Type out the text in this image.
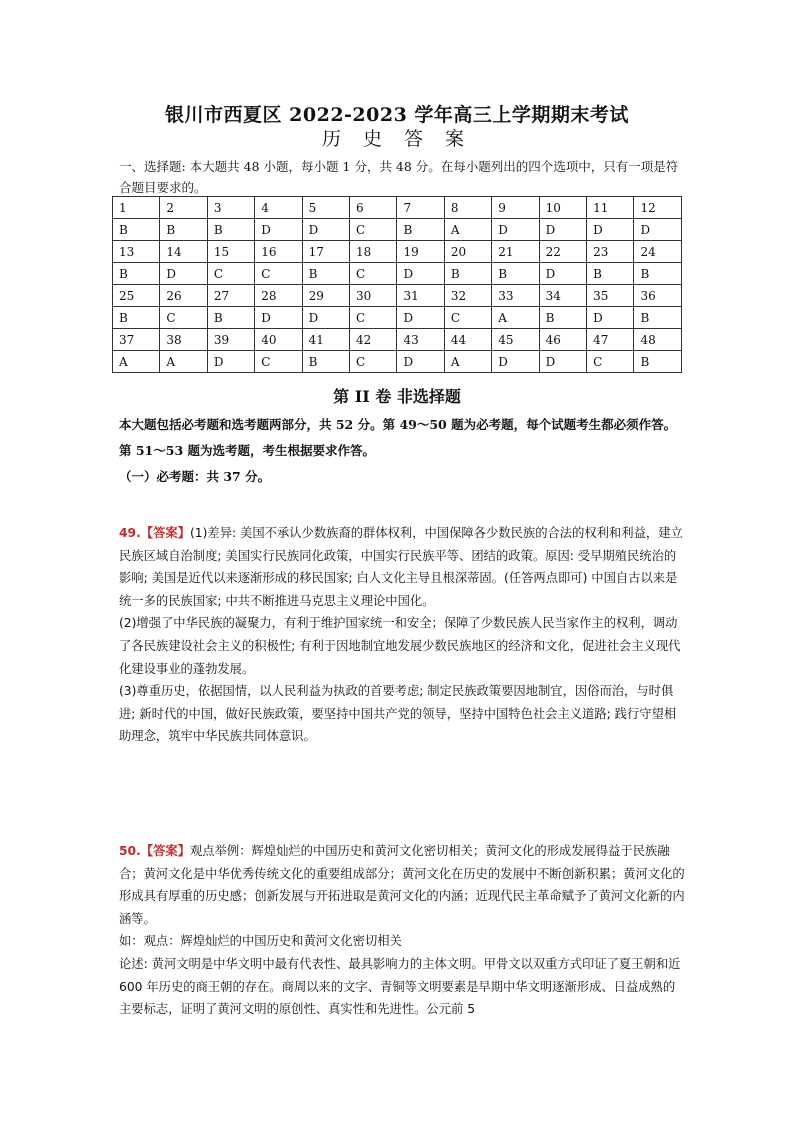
银川市西夏区 2022-2023 学年高三上学期期末考试
历 史 答 案
一、选择题: 本大题共 48 小题，每小题 1 分，共 48 分。在每小题列出的四个选项中，只有一项是符合题目要求的。
1	2	3	4	5	6	7	8	9	10	11	12
B	B	B	D	D	C	B	A	D	D	D	D
13	14	15	16	17	18	19	20	21	22	23	24
B	D	C	C	B	C	D	B	B	D	B	B
25	26	27	28	29	30	31	32	33	34	35	36
B	C	B	D	D	C	D	C	A	B	D	B
37	38	39	40	41	42	43	44	45	46	47	48
A	A	D	C	B	C	D	A	D	D	C	B
第 II 卷 非选择题

本大题包括必考题和选考题两部分，共 52 分。第 49～50 题为必考题，每个试题考生都必须作答。

第 51～53 题为选考题，考生根据要求作答。

（一）必考题：共 37 分。

49.【答案】(1)差异: 美国不承认少数族裔的群体权利，中国保障各少数民族的合法的权利和利益，建立民族区域自治制度; 美国实行民族同化政策，中国实行民族平等、团结的政策。原因: 受早期殖民统治的影响; 美国是近代以来逐渐形成的移民国家; 白人文化主导且根深蒂固。(任答两点即可) 中国自古以来是统一多的民族国家; 中共不断推进马克思主义理论中国化。

(2)增强了中华民族的凝聚力，有利于维护国家统一和安全；保障了少数民族人民当家作主的权利，调动了各民族建设社会主义的积极性; 有利于因地制宜地发展少数民族地区的经济和文化，促进社会主义现代化建设事业的蓬勃发展。

(3)尊重历史，依据国情，以人民利益为执政的首要考虑; 制定民族政策要因地制宜，因俗而治，与时俱进; 新时代的中国，做好民族政策，要坚持中国共产党的领导，坚持中国特色社会主义道路; 践行守望相助理念，筑牢中华民族共同体意识。

50.【答案】观点举例：辉煌灿烂的中国历史和黄河文化密切相关；黄河文化的形成发展得益于民族融合；黄河文化是中华优秀传统文化的重要组成部分；黄河文化在历史的发展中不断创新积累；黄河文化的形成具有厚重的历史感；创新发展与开拓进取是黄河文化的内涵；近现代民主革命赋予了黄河文化新的内涵等。

如：观点：辉煌灿烂的中国历史和黄河文化密切相关

论述: 黄河文明是中华文明中最有代表性、最具影响力的主体文明。甲骨文以双重方式印证了夏王朝和近 600 年历史的商王朝的存在。商周以来的文字、青铜等文明要素是早期中华文明逐渐形成、日益成熟的主要标志，证明了黄河文明的原创性、真实性和先进性。公元前 5
